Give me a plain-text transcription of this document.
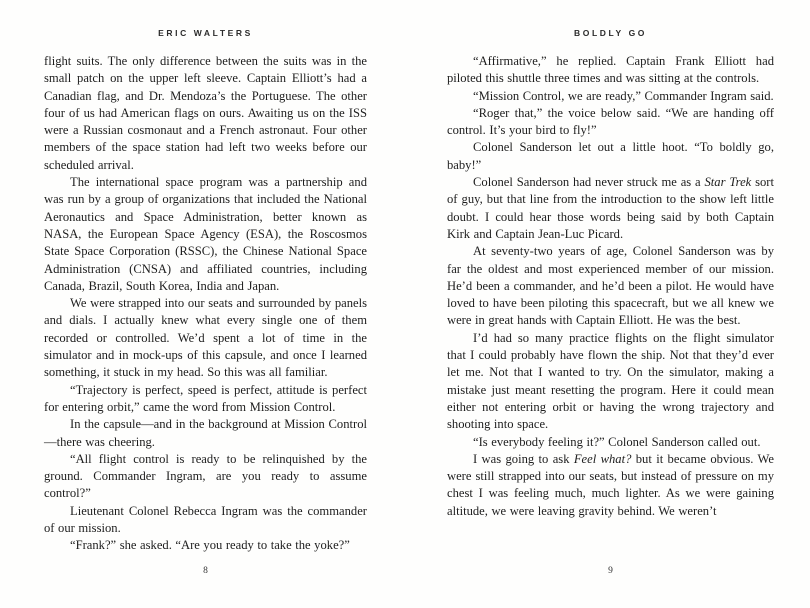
ERIC WALTERS

flight suits. The only difference between the suits was in the small patch on the upper left sleeve. Captain Elliott’s had a Canadian flag, and Dr. Mendoza’s the Portuguese. The other four of us had American flags on ours. Awaiting us on the ISS were a Russian cosmonaut and a French astronaut. Four other members of the space station had left two weeks before our scheduled arrival.

The international space program was a partnership and was run by a group of organizations that included the National Aeronautics and Space Administration, better known as NASA, the European Space Agency (ESA), the Roscosmos State Space Corporation (RSSC), the Chinese National Space Administration (CNSA) and affiliated countries, including Canada, Brazil, South Korea, India and Japan.

We were strapped into our seats and surrounded by panels and dials. I actually knew what every single one of them recorded or controlled. We’d spent a lot of time in the simulator and in mock-ups of this capsule, and once I learned something, it stuck in my head. So this was all familiar.

“Trajectory is perfect, speed is perfect, attitude is perfect for entering orbit,” came the word from Mission Control.

In the capsule—and in the background at Mission Control—there was cheering.

“All flight control is ready to be relinquished by the ground. Commander Ingram, are you ready to assume control?”

Lieutenant Colonel Rebecca Ingram was the commander of our mission.

“Frank?” she asked. “Are you ready to take the yoke?”

8
BOLDLY GO

“Affirmative,” he replied. Captain Frank Elliott had piloted this shuttle three times and was sitting at the controls.

“Mission Control, we are ready,” Commander Ingram said.

“Roger that,” the voice below said. “We are handing off control. It’s your bird to fly!”

Colonel Sanderson let out a little hoot. “To boldly go, baby!”

Colonel Sanderson had never struck me as a Star Trek sort of guy, but that line from the introduction to the show left little doubt. I could hear those words being said by both Captain Kirk and Captain Jean-Luc Picard.

At seventy-two years of age, Colonel Sanderson was by far the oldest and most experienced member of our mission. He’d been a commander, and he’d been a pilot. He would have loved to have been piloting this spacecraft, but we all knew we were in great hands with Captain Elliott. He was the best.

I’d had so many practice flights on the flight simulator that I could probably have flown the ship. Not that they’d ever let me. Not that I wanted to try. On the simulator, making a mistake just meant resetting the program. Here it could mean either not entering orbit or having the wrong trajectory and shooting into space.

“Is everybody feeling it?” Colonel Sanderson called out.

I was going to ask Feel what? but it became obvious. We were still strapped into our seats, but instead of pressure on my chest I was feeling much, much lighter. As we were gaining altitude, we were leaving gravity behind. We weren’t

9
